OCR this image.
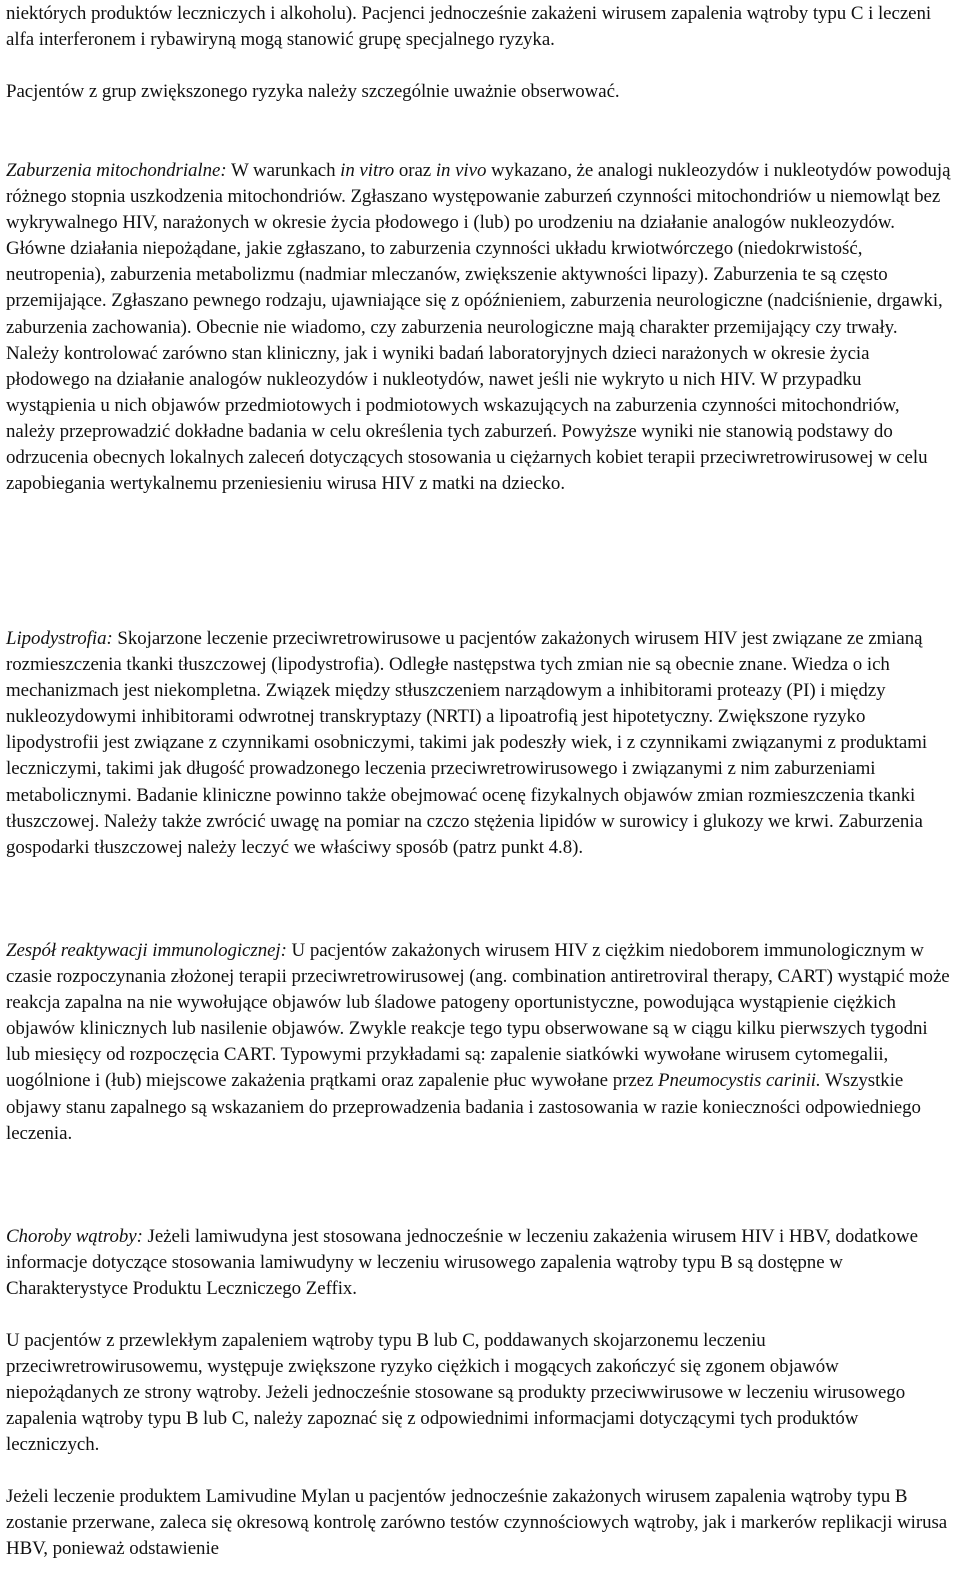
niektórych produktów leczniczych i alkoholu). Pacjenci jednocześnie zakażeni wirusem zapalenia wątroby typu C i leczeni alfa interferonem i rybawiryną mogą stanowić grupę specjalnego ryzyka.

Pacjentów z grup zwiększonego ryzyka należy szczególnie uważnie obserwować.

Zaburzenia mitochondrialne: W warunkach in vitro oraz in vivo wykazano, że analogi nukleozydów i nukleotydów powodują różnego stopnia uszkodzenia mitochondriów. Zgłaszano występowanie zaburzeń czynności mitochondriów u niemowląt bez wykrywalnego HIV, narażonych w okresie życia płodowego i (lub) po urodzeniu na działanie analogów nukleozydów. Główne działania niepożądane, jakie zgłaszano, to zaburzenia czynności układu krwiotwórczego (niedokrwistość, neutropenia), zaburzenia metabolizmu (nadmiar mleczanów, zwiększenie aktywności lipazy). Zaburzenia te są często przemijające. Zgłaszano pewnego rodzaju, ujawniające się z opóźnieniem, zaburzenia neurologiczne (nadciśnienie, drgawki, zaburzenia zachowania). Obecnie nie wiadomo, czy zaburzenia neurologiczne mają charakter przemijający czy trwały. Należy kontrolować zarówno stan kliniczny, jak i wyniki badań laboratoryjnych dzieci narażonych w okresie życia płodowego na działanie analogów nukleozydów i nukleotydów, nawet jeśli nie wykryto u nich HIV. W przypadku wystąpienia u nich objawów przedmiotowych i podmiotowych wskazujących na zaburzenia czynności mitochondriów, należy przeprowadzić dokładne badania w celu określenia tych zaburzeń. Powyższe wyniki nie stanowią podstawy do odrzucenia obecnych lokalnych zaleceń dotyczących stosowania u ciężarnych kobiet terapii przeciwretrowirusowej w celu zapobiegania wertykalnemu przeniesieniu wirusa HIV z matki na dziecko.

Lipodystrofia: Skojarzone leczenie przeciwretrowirusowe u pacjentów zakażonych wirusem HIV jest związane ze zmianą rozmieszczenia tkanki tłuszczowej (lipodystrofia). Odległe następstwa tych zmian nie są obecnie znane. Wiedza o ich mechanizmach jest niekompletna. Związek między stłuszczeniem narządowym a inhibitorami proteazy (PI) i między nukleozydowymi inhibitorami odwrotnej transkryptazy (NRTI) a lipoatrofią jest hipotetyczny. Zwiększone ryzyko lipodystrofii jest związane z czynnikami osobniczymi, takimi jak podeszły wiek, i z czynnikami związanymi z produktami leczniczymi, takimi jak długość prowadzonego leczenia przeciwretrowirusowego i związanymi z nim zaburzeniami metabolicznymi. Badanie kliniczne powinno także obejmować ocenę fizykalnych objawów zmian rozmieszczenia tkanki tłuszczowej. Należy także zwrócić uwagę na pomiar na czczo stężenia lipidów w surowicy i glukozy we krwi. Zaburzenia gospodarki tłuszczowej należy leczyć we właściwy sposób (patrz punkt 4.8).

Zespół reaktywacji immunologicznej: U pacjentów zakażonych wirusem HIV z ciężkim niedoborem immunologicznym w czasie rozpoczynania złożonej terapii przeciwretrowirusowej (ang. combination antiretroviral therapy, CART) wystąpić może reakcja zapalna na nie wywołujące objawów lub śladowe patogeny oportunistyczne, powodująca wystąpienie ciężkich objawów klinicznych lub nasilenie objawów. Zwykle reakcje tego typu obserwowane są w ciągu kilku pierwszych tygodni lub miesięcy od rozpoczęcia CART. Typowymi przykładami są: zapalenie siatkówki wywołane wirusem cytomegalii, uogólnione i (łub) miejscowe zakażenia prątkami oraz zapalenie płuc wywołane przez Pneumocystis carinii. Wszystkie objawy stanu zapalnego są wskazaniem do przeprowadzenia badania i zastosowania w razie konieczności odpowiedniego leczenia.

Choroby wątroby: Jeżeli lamiwudyna jest stosowana jednocześnie w leczeniu zakażenia wirusem HIV i HBV, dodatkowe informacje dotyczące stosowania lamiwudyny w leczeniu wirusowego zapalenia wątroby typu B są dostępne w Charakterystyce Produktu Leczniczego Zeffix.

U pacjentów z przewlekłym zapaleniem wątroby typu B lub C, poddawanych skojarzonemu leczeniu przeciwretrowirusowemu, występuje zwiększone ryzyko ciężkich i mogących zakończyć się zgonem objawów niepożądanych ze strony wątroby. Jeżeli jednocześnie stosowane są produkty przeciwwirusowe w leczeniu wirusowego zapalenia wątroby typu B lub C, należy zapoznać się z odpowiednimi informacjami dotyczącymi tych produktów leczniczych.

Jeżeli leczenie produktem Lamivudine Mylan u pacjentów jednocześnie zakażonych wirusem zapalenia wątroby typu B zostanie przerwane, zaleca się okresową kontrolę zarówno testów czynnościowych wątroby, jak i markerów replikacji wirusa HBV, ponieważ odstawienie
